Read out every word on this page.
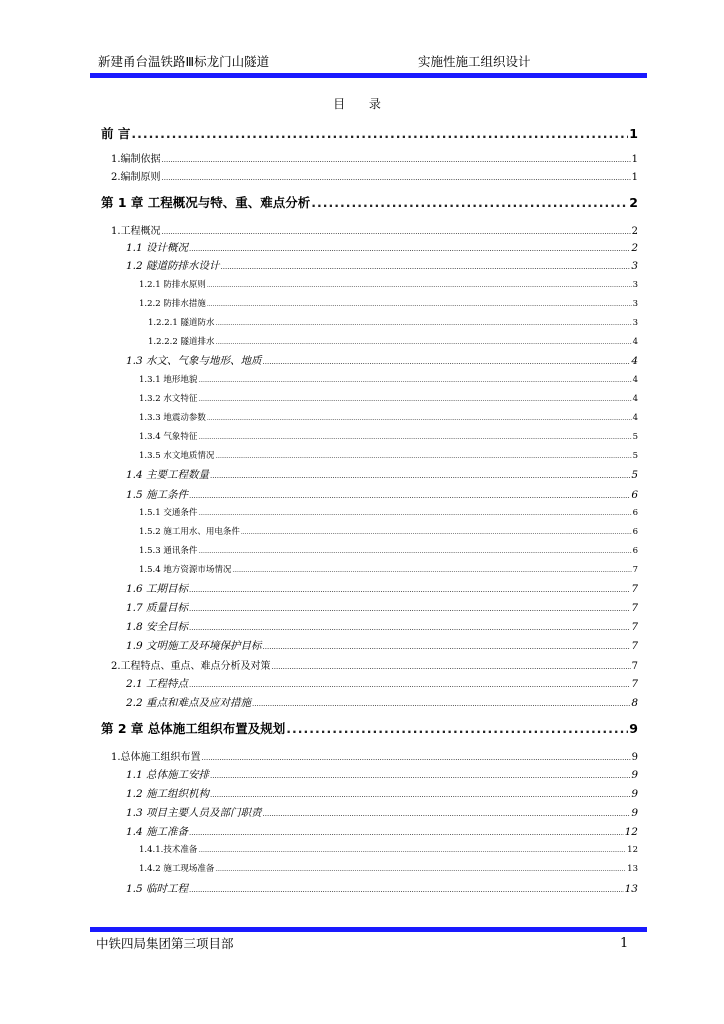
新建甬台温铁路Ⅲ标龙门山隧道	实施性施工组织设计
目 录
前 言 .....	1
1.编制依据 .....	1
2.编制原则 .....	1
第 1 章 工程概况与特、重、难点分析 .....	2
1.工程概况 .....	2
1.1 设计概况 .....	2
1.2 隧道防排水设计 .....	3
1.2.1 防排水原则 .....	3
1.2.2 防排水措施 .....	3
1.2.2.1 隧道防水 .....	3
1.2.2.2 隧道排水 .....	4
1.3 水文、气象与地形、地质 .....	4
1.3.1 地形地貌 .....	4
1.3.2 水文特征 .....	4
1.3.3 地震动参数 .....	4
1.3.4 气象特征 .....	5
1.3.5 水文地质情况 .....	5
1.4 主要工程数量 .....	5
1.5 施工条件 .....	6
1.5.1 交通条件 .....	6
1.5.2 施工用水、用电条件 .....	6
1.5.3 通讯条件 .....	6
1.5.4 地方资源市场情况 .....	7
1.6 工期目标 .....	7
1.7 质量目标 .....	7
1.8 安全目标 .....	7
1.9 文明施工及环境保护目标 .....	7
2.工程特点、重点、难点分析及对策 .....	7
2.1 工程特点 .....	7
2.2 重点和难点及应对措施 .....	8
第 2 章 总体施工组织布置及规划 .....	9
1.总体施工组织布置 .....	9
1.1 总体施工安排 .....	9
1.2 施工组织机构 .....	9
1.3 项目主要人员及部门职责 .....	9
1.4 施工准备 .....	12
1.4.1.技术准备 .....	12
1.4.2 施工现场准备 .....	13
1.5 临时工程 .....	13
中铁四局集团第三项目部	1
